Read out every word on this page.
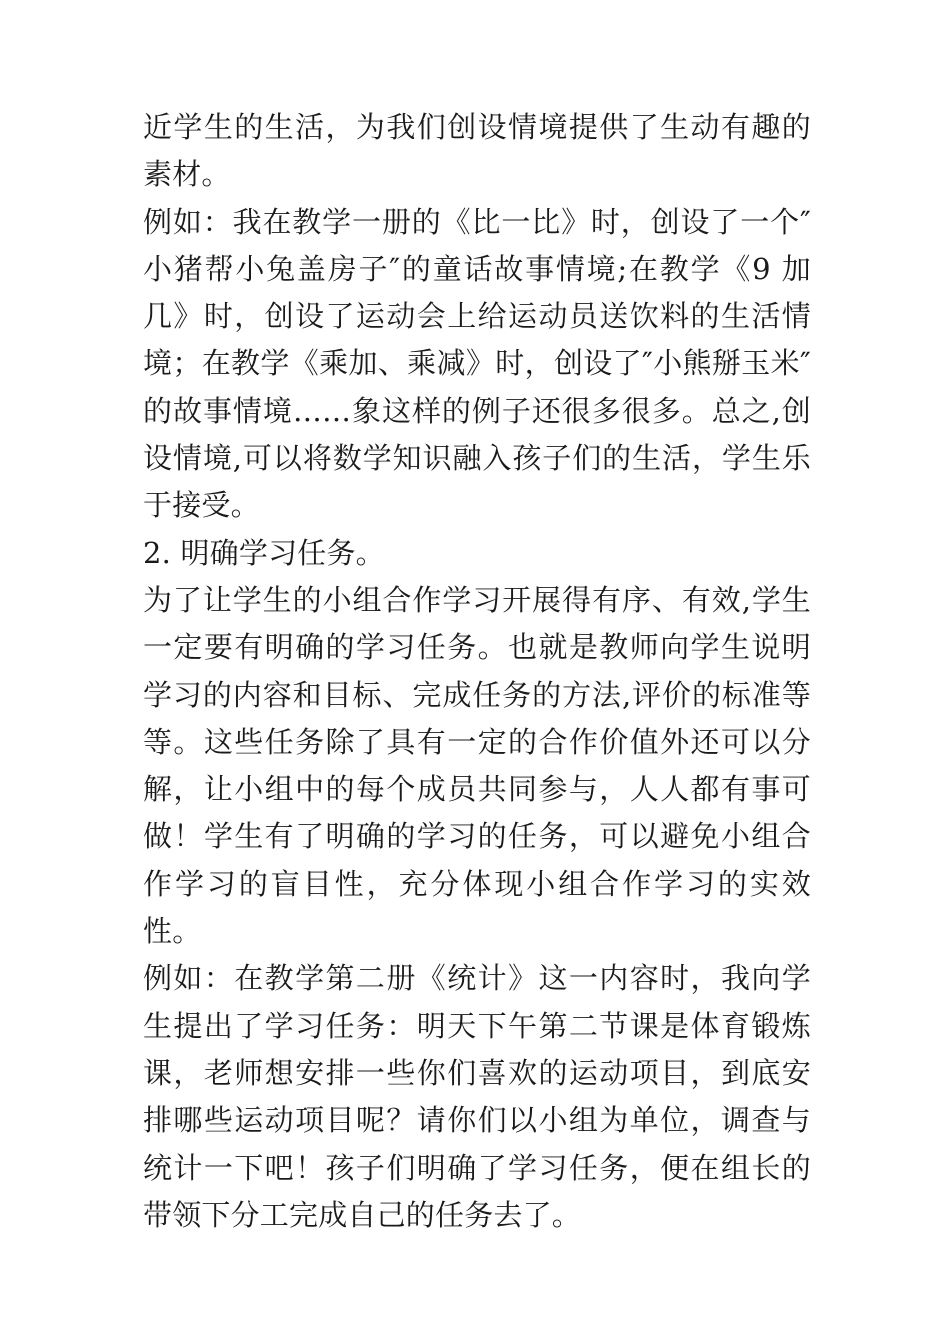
近学生的生活，为我们创设情境提供了生动有趣的素材。

例如：我在教学一册的《比一比》时，创设了一个″小猪帮小兔盖房子″的童话故事情境;在教学《9 加几》时，创设了运动会上给运动员送饮料的生活情境；在教学《乘加、乘减》时，创设了″小熊掰玉米″的故事情境……象这样的例子还很多很多。总之,创设情境,可以将数学知识融入孩子们的生活，学生乐于接受。

2. 明确学习任务。

为了让学生的小组合作学习开展得有序、有效,学生一定要有明确的学习任务。也就是教师向学生说明学习的内容和目标、完成任务的方法,评价的标准等等。这些任务除了具有一定的合作价值外还可以分解，让小组中的每个成员共同参与，人人都有事可做！学生有了明确的学习的任务，可以避免小组合作学习的盲目性，充分体现小组合作学习的实效性。

例如：在教学第二册《统计》这一内容时，我向学生提出了学习任务：明天下午第二节课是体育锻炼课，老师想安排一些你们喜欢的运动项目，到底安排哪些运动项目呢？请你们以小组为单位，调查与统计一下吧！孩子们明确了学习任务，便在组长的带领下分工完成自己的任务去了。
